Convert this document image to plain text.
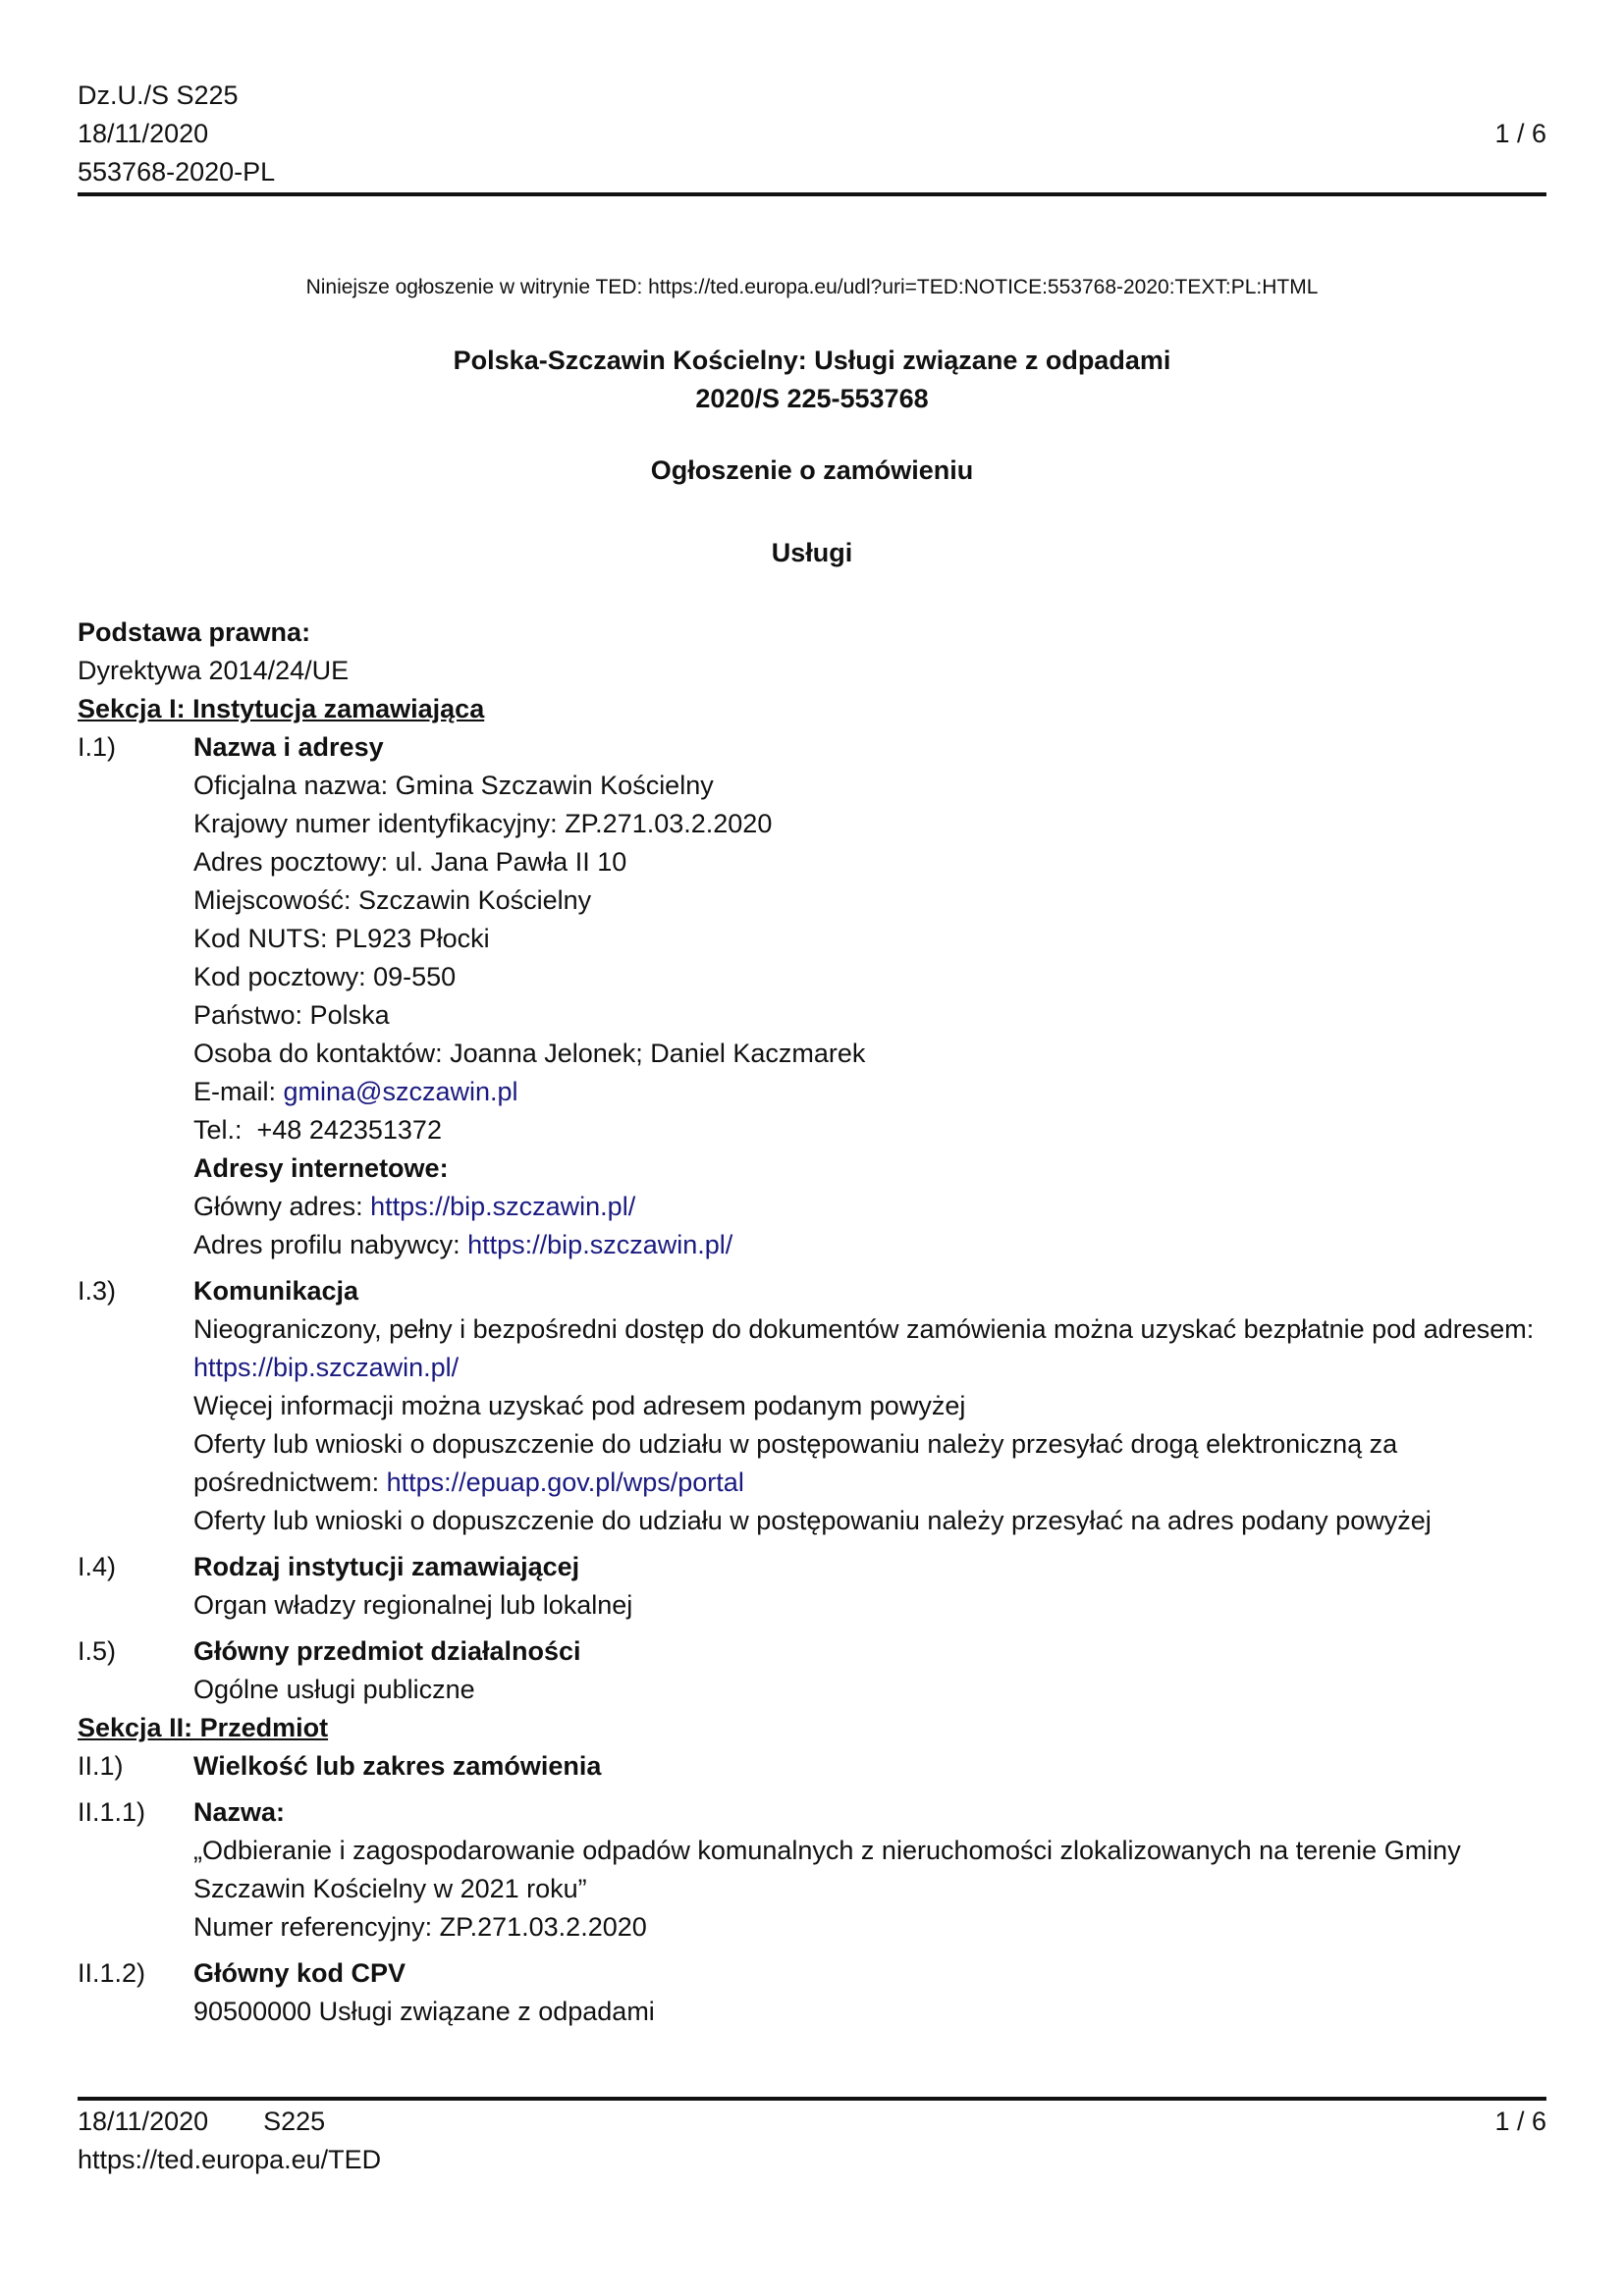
Dz.U./S S225
18/11/2020
553768-2020-PL
1 / 6
Niniejsze ogłoszenie w witrynie TED: https://ted.europa.eu/udl?uri=TED:NOTICE:553768-2020:TEXT:PL:HTML
Polska-Szczawin Kościelny: Usługi związane z odpadami
2020/S 225-553768
Ogłoszenie o zamówieniu
Usługi
Podstawa prawna:
Dyrektywa 2014/24/UE
Sekcja I: Instytucja zamawiająca
I.1)	Nazwa i adresy
Oficjalna nazwa: Gmina Szczawin Kościelny
Krajowy numer identyfikacyjny: ZP.271.03.2.2020
Adres pocztowy: ul. Jana Pawła II 10
Miejscowość: Szczawin Kościelny
Kod NUTS: PL923 Płocki
Kod pocztowy: 09-550
Państwo: Polska
Osoba do kontaktów: Joanna Jelonek; Daniel Kaczmarek
E-mail: gmina@szczawin.pl
Tel.:  +48 242351372
Adresy internetowe:
Główny adres: https://bip.szczawin.pl/
Adres profilu nabywcy: https://bip.szczawin.pl/
I.3)	Komunikacja
Nieograniczony, pełny i bezpośredni dostęp do dokumentów zamówienia można uzyskać bezpłatnie pod adresem: https://bip.szczawin.pl/
Więcej informacji można uzyskać pod adresem podanym powyżej
Oferty lub wnioski o dopuszczenie do udziału w postępowaniu należy przesyłać drogą elektroniczną za pośrednictwem: https://epuap.gov.pl/wps/portal
Oferty lub wnioski o dopuszczenie do udziału w postępowaniu należy przesyłać na adres podany powyżej
I.4)	Rodzaj instytucji zamawiającej
Organ władzy regionalnej lub lokalnej
I.5)	Główny przedmiot działalności
Ogólne usługi publiczne
Sekcja II: Przedmiot
II.1)	Wielkość lub zakres zamówienia
II.1.1)	Nazwa:
„Odbieranie i zagospodarowanie odpadów komunalnych z nieruchomości zlokalizowanych na terenie Gminy Szczawin Kościelny w 2021 roku”
Numer referencyjny: ZP.271.03.2.2020
II.1.2)	Główny kod CPV
90500000 Usługi związane z odpadami
18/11/2020 S225
https://ted.europa.eu/TED
1 / 6
